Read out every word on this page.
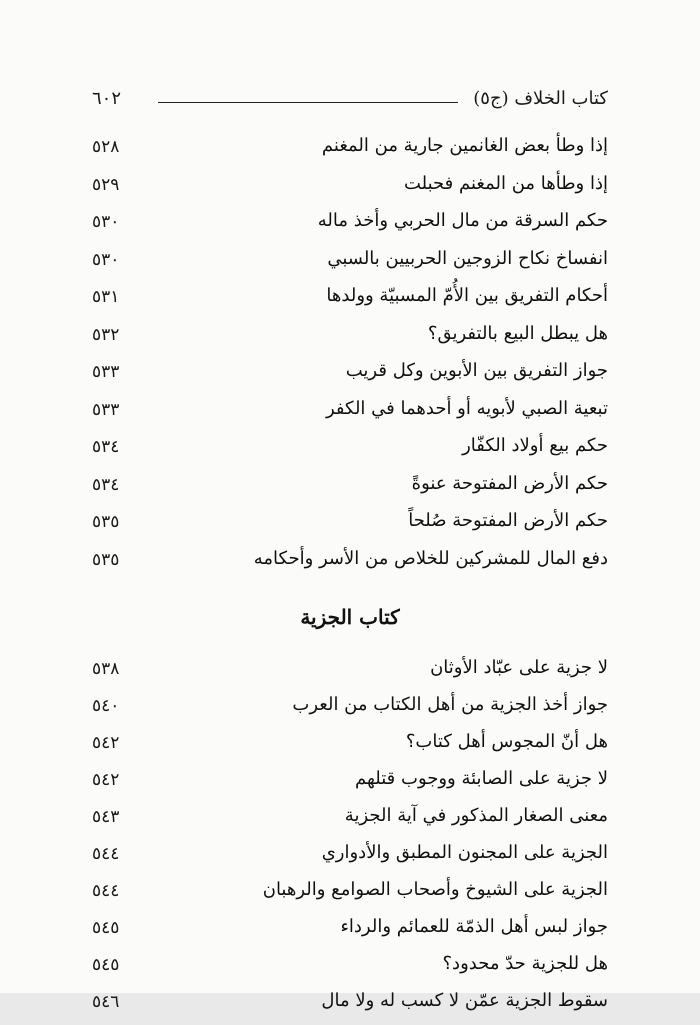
٦٠٢	كتاب الخلاف (ج٥)
٥٢٨	إذا وطأ بعض الغانمين جارية من المغنم
٥٢٩	إذا وطأها من المغنم فحبلت
٥٣٠	حكم السرقة من مال الحربي وأخذ ماله
٥٣٠	انفساخ نكاح الزوجين الحربيين بالسبي
٥٣١	أحكام التفريق بين الأُمّ المسبيّة وولدها
٥٣٢	هل يبطل البيع بالتفريق؟
٥٣٣	جواز التفريق بين الأبوين وكل قريب
٥٣٣	تبعية الصبي لأبويه أو أحدهما في الكفر
٥٣٤	حكم بيع أولاد الكفّار
٥٣٤	حكم الأرض المفتوحة عنوةً
٥٣٥	حكم الأرض المفتوحة صُلحاً
٥٣٥	دفع المال للمشركين للخلاص من الأسر وأحكامه
كتاب الجزية
٥٣٨	لا جزية على عبّاد الأوثان
٥٤٠	جواز أخذ الجزية من أهل الكتاب من العرب
٥٤٢	هل أنّ المجوس أهل كتاب؟
٥٤٢	لا جزية على الصابئة ووجوب قتلهم
٥٤٣	معنى الصغار المذكور في آية الجزية
٥٤٤	الجزية على المجنون المطبق والأدواري
٥٤٤	الجزية على الشيوخ وأصحاب الصوامع والرهبان
٥٤٥	جواز لبس أهل الذمّة للعمائم والرداء
٥٤٥	هل للجزية حدّ محدود؟
٥٤٦	سقوط الجزية عمّن لا كسب له ولا مال
